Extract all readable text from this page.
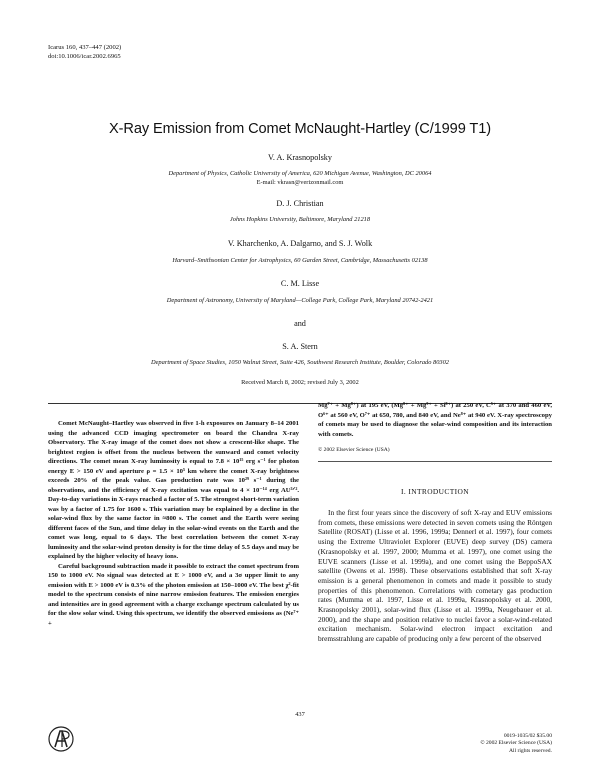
Icarus 160, 437–447 (2002)
doi:10.1006/icar.2002.6965
X-Ray Emission from Comet McNaught-Hartley (C/1999 T1)
V. A. Krasnopolsky
Department of Physics, Catholic University of America, 620 Michigan Avenue, Washington, DC 20064
E-mail: vkrasn@verizonmail.com
D. J. Christian
Johns Hopkins University, Baltimore, Maryland 21218
V. Kharchenko, A. Dalgarno, and S. J. Wolk
Harvard–Smithsonian Center for Astrophysics, 60 Garden Street, Cambridge, Massachusetts 02138
C. M. Lisse
Department of Astronomy, University of Maryland—College Park, College Park, Maryland 20742-2421
and
S. A. Stern
Department of Space Studies, 1050 Walnut Street, Suite 426, Southwest Research Institute, Boulder, Colorado 80302
Received March 8, 2002; revised July 3, 2002

Comet McNaught–Hartley was observed in five 1-h exposures on January 8–14 2001 using the advanced CCD imaging spectrometer on board the Chandra X-ray Observatory. The X-ray image of the comet does not show a crescent-like shape. The brightest region is offset from the nucleus between the sunward and comet velocity directions. The comet mean X-ray luminosity is equal to 7.8 × 10¹⁵ erg s⁻¹ for photon energy E > 150 eV and aperture ρ = 1.5 × 10⁵ km where the comet X-ray brightness exceeds 20% of the peak value. Gas production rate was 10²⁹ s⁻¹ during the observations, and the efficiency of X-ray excitation was equal to 4 × 10⁻¹⁴ erg AU³ᐟ². Day-to-day variations in X-rays reached a factor of 5. The strongest short-term variation was by a factor of 1.75 for 1600 s. This variation may be explained by a decline in the solar-wind flux by the same factor in ≈800 s. The comet and the Earth were seeing different faces of the Sun, and time delay in the solar-wind events on the Earth and the comet was long, equal to 6 days. The best correlation between the comet X-ray luminosity and the solar-wind proton density is for the time delay of 5.5 days and may be explained by the higher velocity of heavy ions.

Careful background subtraction made it possible to extract the comet spectrum from 150 to 1000 eV. No signal was detected at E > 1000 eV, and a 3σ upper limit to any emission with E > 1000 eV is 0.3% of the photon emission at 150–1000 eV. The best χ²-fit model to the spectrum consists of nine narrow emission features. The emission energies and intensities are in good agreement with a charge exchange spectrum calculated by us for the slow solar wind. Using this spectrum, we identify the observed emissions as (Ne⁷⁺ +

Mg⁷⁺ + Mg⁸⁺) at 195 eV, (Mg⁸⁺ + Mg⁹⁺ + Si⁸⁺) at 250 eV, C⁵⁺ at 370 and 460 eV, O⁶⁺ at 560 eV, O⁷⁺ at 650, 780, and 840 eV, and Ne⁸⁺ at 940 eV. X-ray spectroscopy of comets may be used to diagnose the solar-wind composition and its interaction with comets.

© 2002 Elsevier Science (USA)
I. INTRODUCTION

In the first four years since the discovery of soft X-ray and EUV emissions from comets, these emissions were detected in seven comets using the Röntgen Satellite (ROSAT) (Lisse et al. 1996, 1999a; Dennerl et al. 1997), four comets using the Extreme Ultraviolet Explorer (EUVE) deep survey (DS) camera (Krasnopolsky et al. 1997, 2000; Mumma et al. 1997), one comet using the EUVE scanners (Lisse et al. 1999a), and one comet using the BeppoSAX satellite (Owens et al. 1998). These observations established that soft X-ray emission is a general phenomenon in comets and made it possible to study properties of this phenomenon. Correlations with cometary gas production rates (Mumma et al. 1997, Lisse et al. 1999a, Krasnopolsky et al. 2000, Krasnopolsky 2001), solar-wind flux (Lisse et al. 1999a, Neugebauer et al. 2000), and the shape and position relative to nuclei favor a solar-wind-related excitation mechanism. Solar-wind electron impact excitation and bremsstrahlung are capable of producing only a few percent of the observed

437
0019-1035/02 $35.00
© 2002 Elsevier Science (USA)
All rights reserved.
